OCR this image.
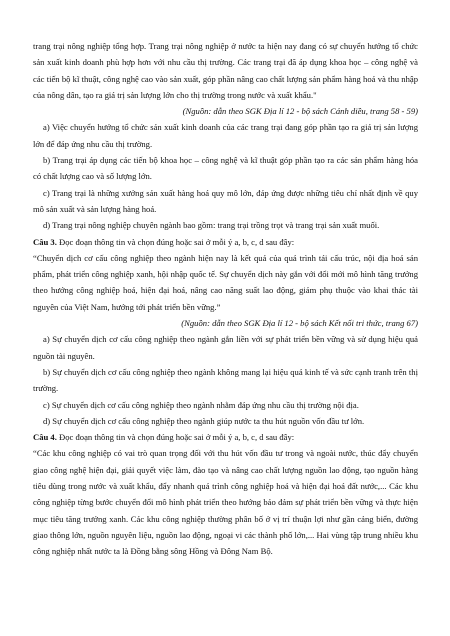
trang trại nông nghiệp tổng hợp. Trang trại nông nghiệp ở nước ta hiện nay đang có sự chuyển hướng tổ chức sản xuất kinh doanh phù hợp hơn với nhu cầu thị trường. Các trang trại đã áp dụng khoa học – công nghệ và các tiến bộ kĩ thuật, công nghệ cao vào sản xuất, góp phần nâng cao chất lượng sản phẩm hàng hoá và thu nhập của nông dân, tạo ra giá trị sản lượng lớn cho thị trường trong nước và xuất khẩu."

(Nguồn: dẫn theo SGK Địa lí 12 - bộ sách Cánh diều, trang 58 - 59)

a) Việc chuyển hướng tổ chức sản xuất kinh doanh của các trang trại đang góp phần tạo ra giá trị sản lượng lớn để đáp ứng nhu cầu thị trường.

b) Trang trại áp dụng các tiến bộ khoa học – công nghệ và kĩ thuật góp phần tạo ra các sản phẩm hàng hóa có chất lượng cao và số lượng lớn.

c) Trang trại là những xưởng sản xuất hàng hoá quy mô lớn, đáp ứng được những tiêu chí nhất định về quy mô sản xuất và sản lượng hàng hoá.

d) Trang trại nông nghiệp chuyên ngành bao gồm: trang trại trồng trọt và trang trại sản xuất muối.

Câu 3. Đọc đoạn thông tin và chọn đúng hoặc sai ở mỗi ý a, b, c, d sau đây:

“Chuyển dịch cơ cấu công nghiệp theo ngành hiện nay là kết quả của quá trình tái cấu trúc, nội địa hoá sản phẩm, phát triển công nghiệp xanh, hội nhập quốc tế. Sự chuyển dịch này gắn với đổi mới mô hình tăng trưởng theo hướng công nghiệp hoá, hiện đại hoá, nâng cao năng suất lao động, giảm phụ thuộc vào khai thác tài nguyên của Việt Nam, hướng tới phát triển bền vững.”

(Nguồn: dẫn theo SGK Địa lí 12 - bộ sách Kết nối tri thức, trang 67)

a) Sự chuyển dịch cơ cấu công nghiệp theo ngành gắn liền với sự phát triển bền vững và sử dụng hiệu quả nguồn tài nguyên.

b) Sự chuyển dịch cơ cấu công nghiệp theo ngành không mang lại hiệu quả kinh tế và sức cạnh tranh trên thị trường.

c) Sự chuyển dịch cơ cấu công nghiệp theo ngành nhằm đáp ứng nhu cầu thị trường nội địa.

d) Sự chuyển dịch cơ cấu công nghiệp theo ngành giúp nước ta thu hút nguồn vốn đầu tư lớn.

Câu 4. Đọc đoạn thông tin và chọn đúng hoặc sai ở mỗi ý a, b, c, d sau đây:

“Các khu công nghiệp có vai trò quan trọng đối với thu hút vốn đầu tư trong và ngoài nước, thúc đẩy chuyển giao công nghệ hiện đại, giải quyết việc làm, đào tạo và nâng cao chất lượng nguồn lao động, tạo nguồn hàng tiêu dùng trong nước và xuất khẩu, đẩy nhanh quá trình công nghiệp hoá và hiện đại hoá đất nước,... Các khu công nghiệp từng bước chuyển đổi mô hình phát triển theo hướng bảo đảm sự phát triển bền vững và thực hiện mục tiêu tăng trưởng xanh. Các khu công nghiệp thường phân bố ở vị trí thuận lợi như gần cảng biển, đường giao thông lớn, nguồn nguyên liệu, nguồn lao động, ngoại vi các thành phố lớn,... Hai vùng tập trung nhiều khu công nghiệp nhất nước ta là Đồng bằng sông Hồng và Đông Nam Bộ.
